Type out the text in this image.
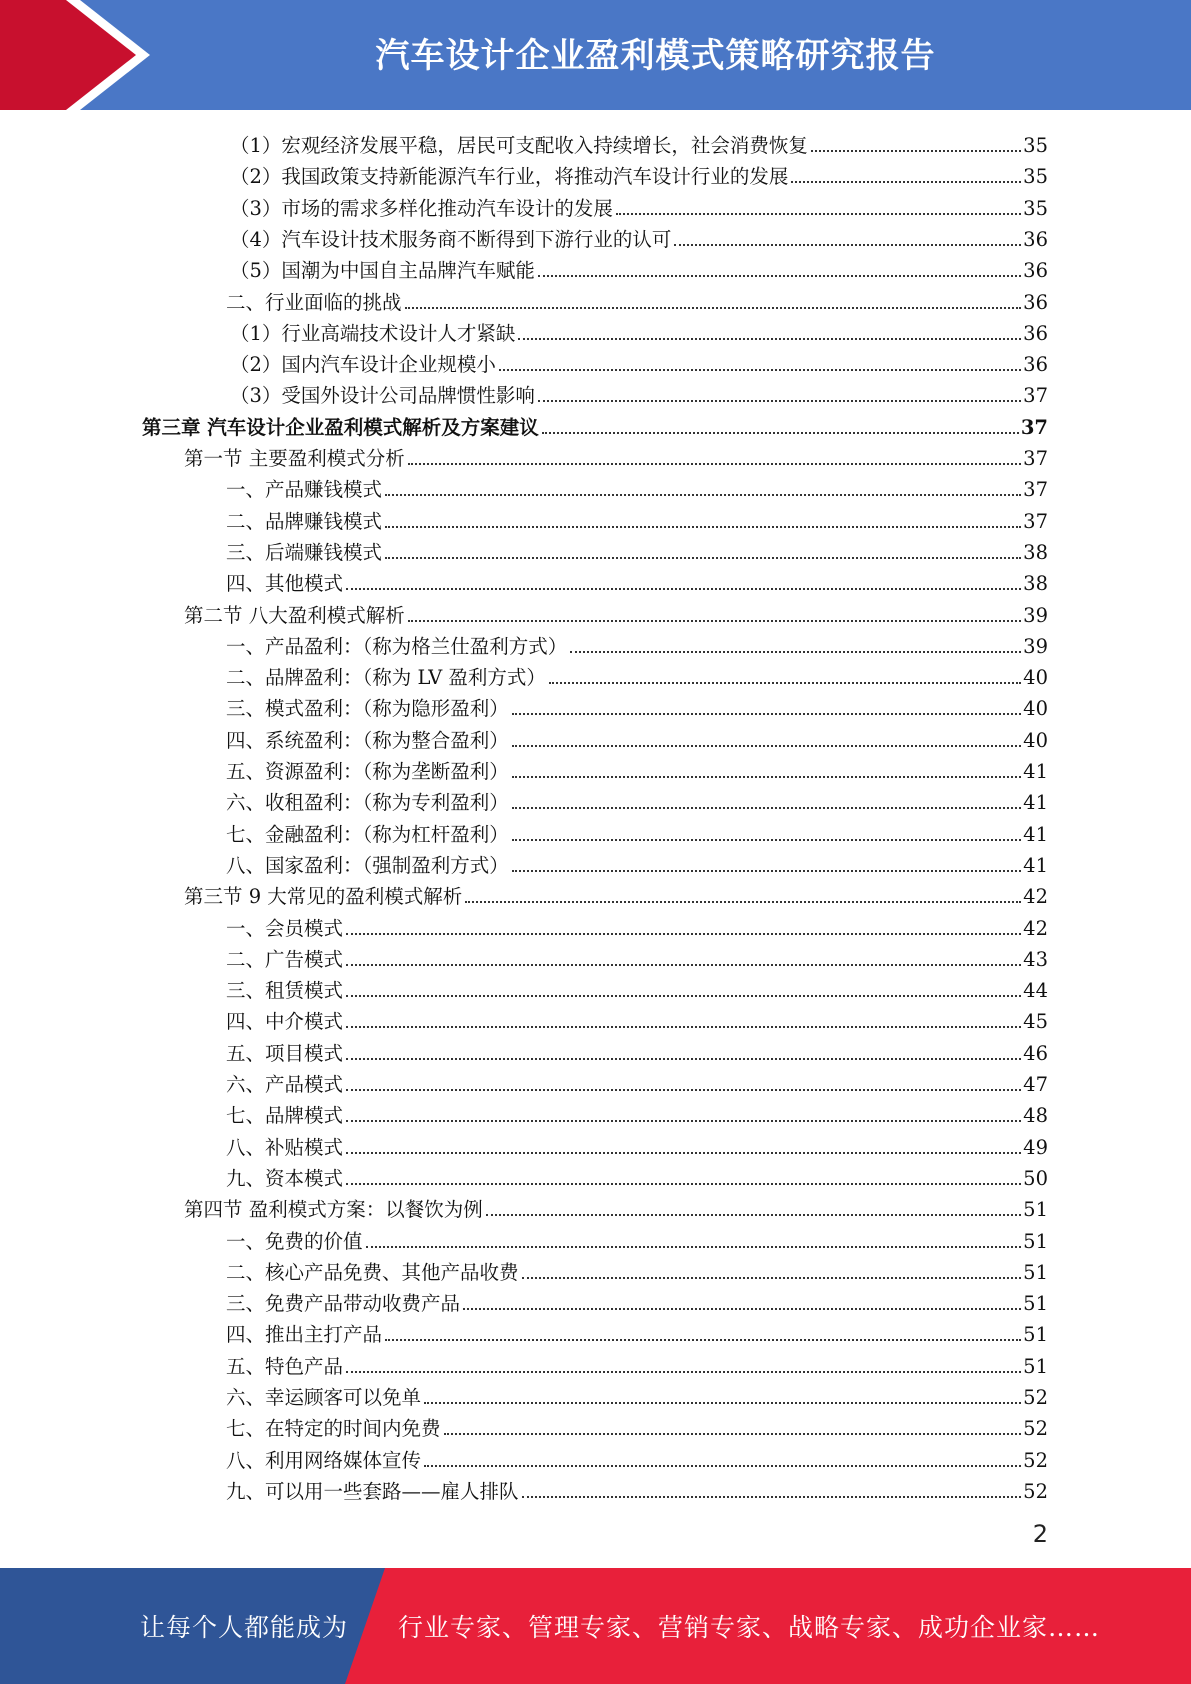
汽车设计企业盈利模式策略研究报告
（1）宏观经济发展平稳，居民可支配收入持续增长，社会消费恢复	35
（2）我国政策支持新能源汽车行业，将推动汽车设计行业的发展	35
（3）市场的需求多样化推动汽车设计的发展	35
（4）汽车设计技术服务商不断得到下游行业的认可	36
（5）国潮为中国自主品牌汽车赋能	36
二、行业面临的挑战	36
（1）行业高端技术设计人才紧缺	36
（2）国内汽车设计企业规模小	36
（3）受国外设计公司品牌惯性影响	37
第三章 汽车设计企业盈利模式解析及方案建议	37
第一节 主要盈利模式分析	37
一、产品赚钱模式	37
二、品牌赚钱模式	37
三、后端赚钱模式	38
四、其他模式	38
第二节 八大盈利模式解析	39
一、产品盈利：（称为格兰仕盈利方式）	39
二、品牌盈利：（称为 LV 盈利方式）	40
三、模式盈利：（称为隐形盈利）	40
四、系统盈利：（称为整合盈利）	40
五、资源盈利：（称为垄断盈利）	41
六、收租盈利：（称为专利盈利）	41
七、金融盈利：（称为杠杆盈利）	41
八、国家盈利：（强制盈利方式）	41
第三节 9 大常见的盈利模式解析	42
一、会员模式	42
二、广告模式	43
三、租赁模式	44
四、中介模式	45
五、项目模式	46
六、产品模式	47
七、品牌模式	48
八、补贴模式	49
九、资本模式	50
第四节 盈利模式方案：以餐饮为例	51
一、免费的价值	51
二、核心产品免费、其他产品收费	51
三、免费产品带动收费产品	51
四、推出主打产品	51
五、特色产品	51
六、幸运顾客可以免单	52
七、在特定的时间内免费	52
八、利用网络媒体宣传	52
九、可以用一些套路——雇人排队	52
2
让每个人都能成为 行业专家、管理专家、营销专家、战略专家、成功企业家……
